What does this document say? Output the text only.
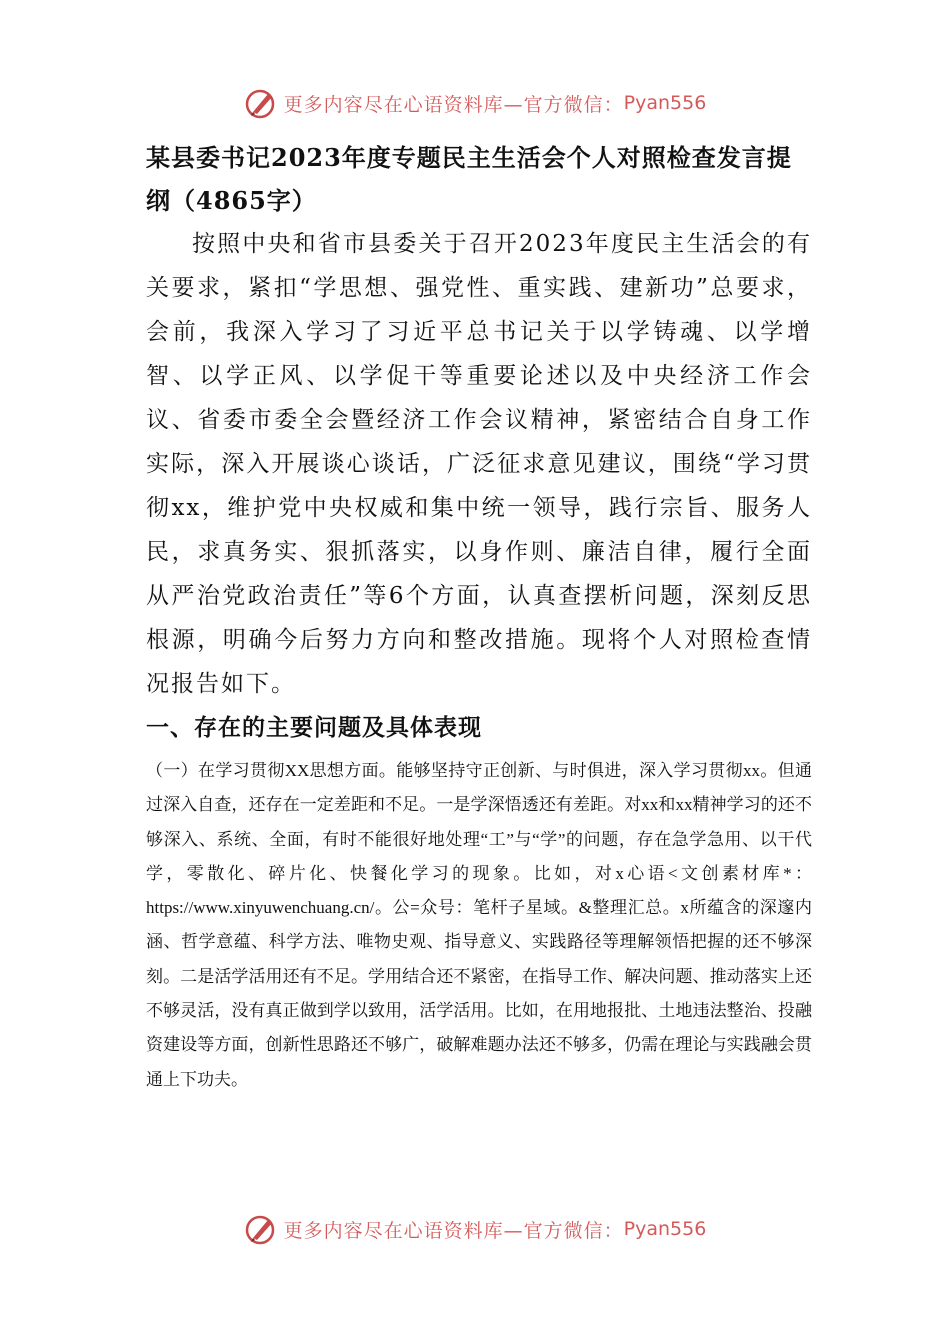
更多内容尽在心语资料库—官方微信： Pyan556
某县委书记2023年度专题民主生活会个人对照检查发言提纲（4865字）

按照中央和省市县委关于召开2023年度民主生活会的有关要求，紧扣“学思想、强党性、重实践、建新功”总要求，会前，我深入学习了习近平总书记关于以学铸魂、以学增智、以学正风、以学促干等重要论述以及中央经济工作会议、省委市委全会暨经济工作会议精神，紧密结合自身工作实际，深入开展谈心谈话，广泛征求意见建议，围绕“学习贯彻xx，维护党中央权威和集中统一领导，践行宗旨、服务人民，求真务实、狠抓落实，以身作则、廉洁自律，履行全面从严治党政治责任”等6个方面，认真查摆析问题，深刻反思根源，明确今后努力方向和整改措施。现将个人对照检查情况报告如下。

一、存在的主要问题及具体表现

（一）在学习贯彻XX思想方面。能够坚持守正创新、与时俱进，深入学习贯彻xx。但通过深入自查，还存在一定差距和不足。一是学深悟透还有差距。对xx和xx精神学习的还不够深入、系统、全面，有时不能很好地处理“工”与“学”的问题，存在急学急用、以干代学，零散化、碎片化、快餐化学习的现象。比如，对x心语<文创素材库*：https://www.xinyuwenchuang.cn/。公=众号：笔杆子星域。&整理汇总。x所蕴含的深邃内涵、哲学意蕴、科学方法、唯物史观、指导意义、实践路径等理解领悟把握的还不够深刻。二是活学活用还有不足。学用结合还不紧密，在指导工作、解决问题、推动落实上还不够灵活，没有真正做到学以致用，活学活用。比如，在用地报批、土地违法整治、投融资建设等方面，创新性思路还不够广，破解难题办法还不够多，仍需在理论与实践融会贯通上下功夫。

更多内容尽在心语资料库—官方微信： Pyan556
